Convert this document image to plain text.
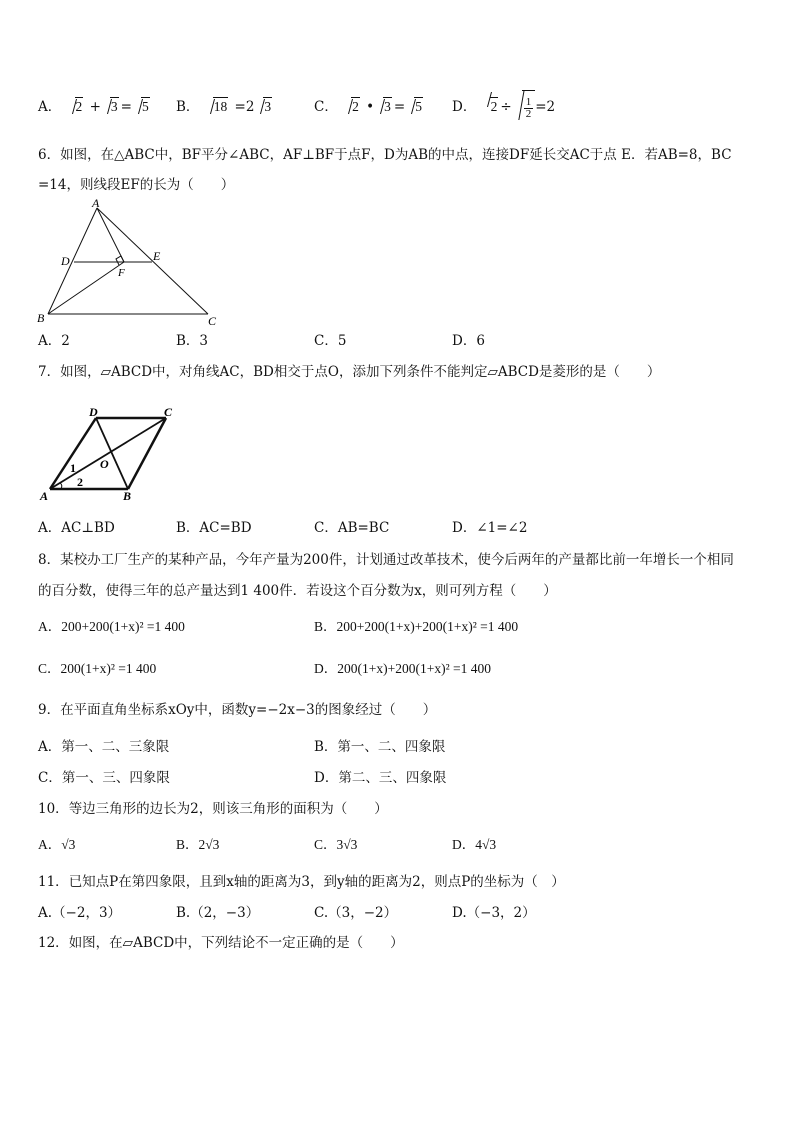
A． 2 + 3 = 5 B． 18 =2 3	C． 2 • 3 = 5 D． $2 \div \frac{1}{2} =2$
6．如图，在△ABC中，BF平分∠ABC，AF⊥BF于点F，D为AB的中点，连接DF延长交AC于点 E．若AB=8，BC
=14，则线段EF的长为（　　）
A
D	E
F
B	C
A．2	B．3	C．5	D．6
7．如图，▱ABCD中，对角线AC，BD相交于点O，添加下列条件不能判定▱ABCD是菱形的是（　　）
D	C
O
1
2
A	B
A．AC⊥BD	B．AC=BD	C．AB=BC	D．∠1=∠2
8．某校办工厂生产的某种产品，今年产量为200件，计划通过改革技术，使今后两年的产量都比前一年增长一个相同
的百分数，使得三年的总产量达到1 400件．若设这个百分数为x，则可列方程（　　）
A．200+200(1+x)² =1 400	B．200+200(1+x)+200(1+x)² =1 400
C．200(1+x)² =1 400	D．200(1+x)+200(1+x)² =1 400
9．在平面直角坐标系xOy中，函数y=−2x−3的图象经过（　　）
A．第一、二、三象限	B．第一、二、四象限
C．第一、三、四象限	D．第二、三、四象限
10．等边三角形的边长为2，则该三角形的面积为（　　）
A．√3	B．2√3	C．3√3	D．4√3
11．已知点P在第四象限，且到x轴的距离为3，到y轴的距离为2，则点P的坐标为（　）
A.（−2，3）	B.（2，−3）	C.（3，−2）	D.（−3，2）
12．如图，在▱ABCD中，下列结论不一定正确的是（　　）
